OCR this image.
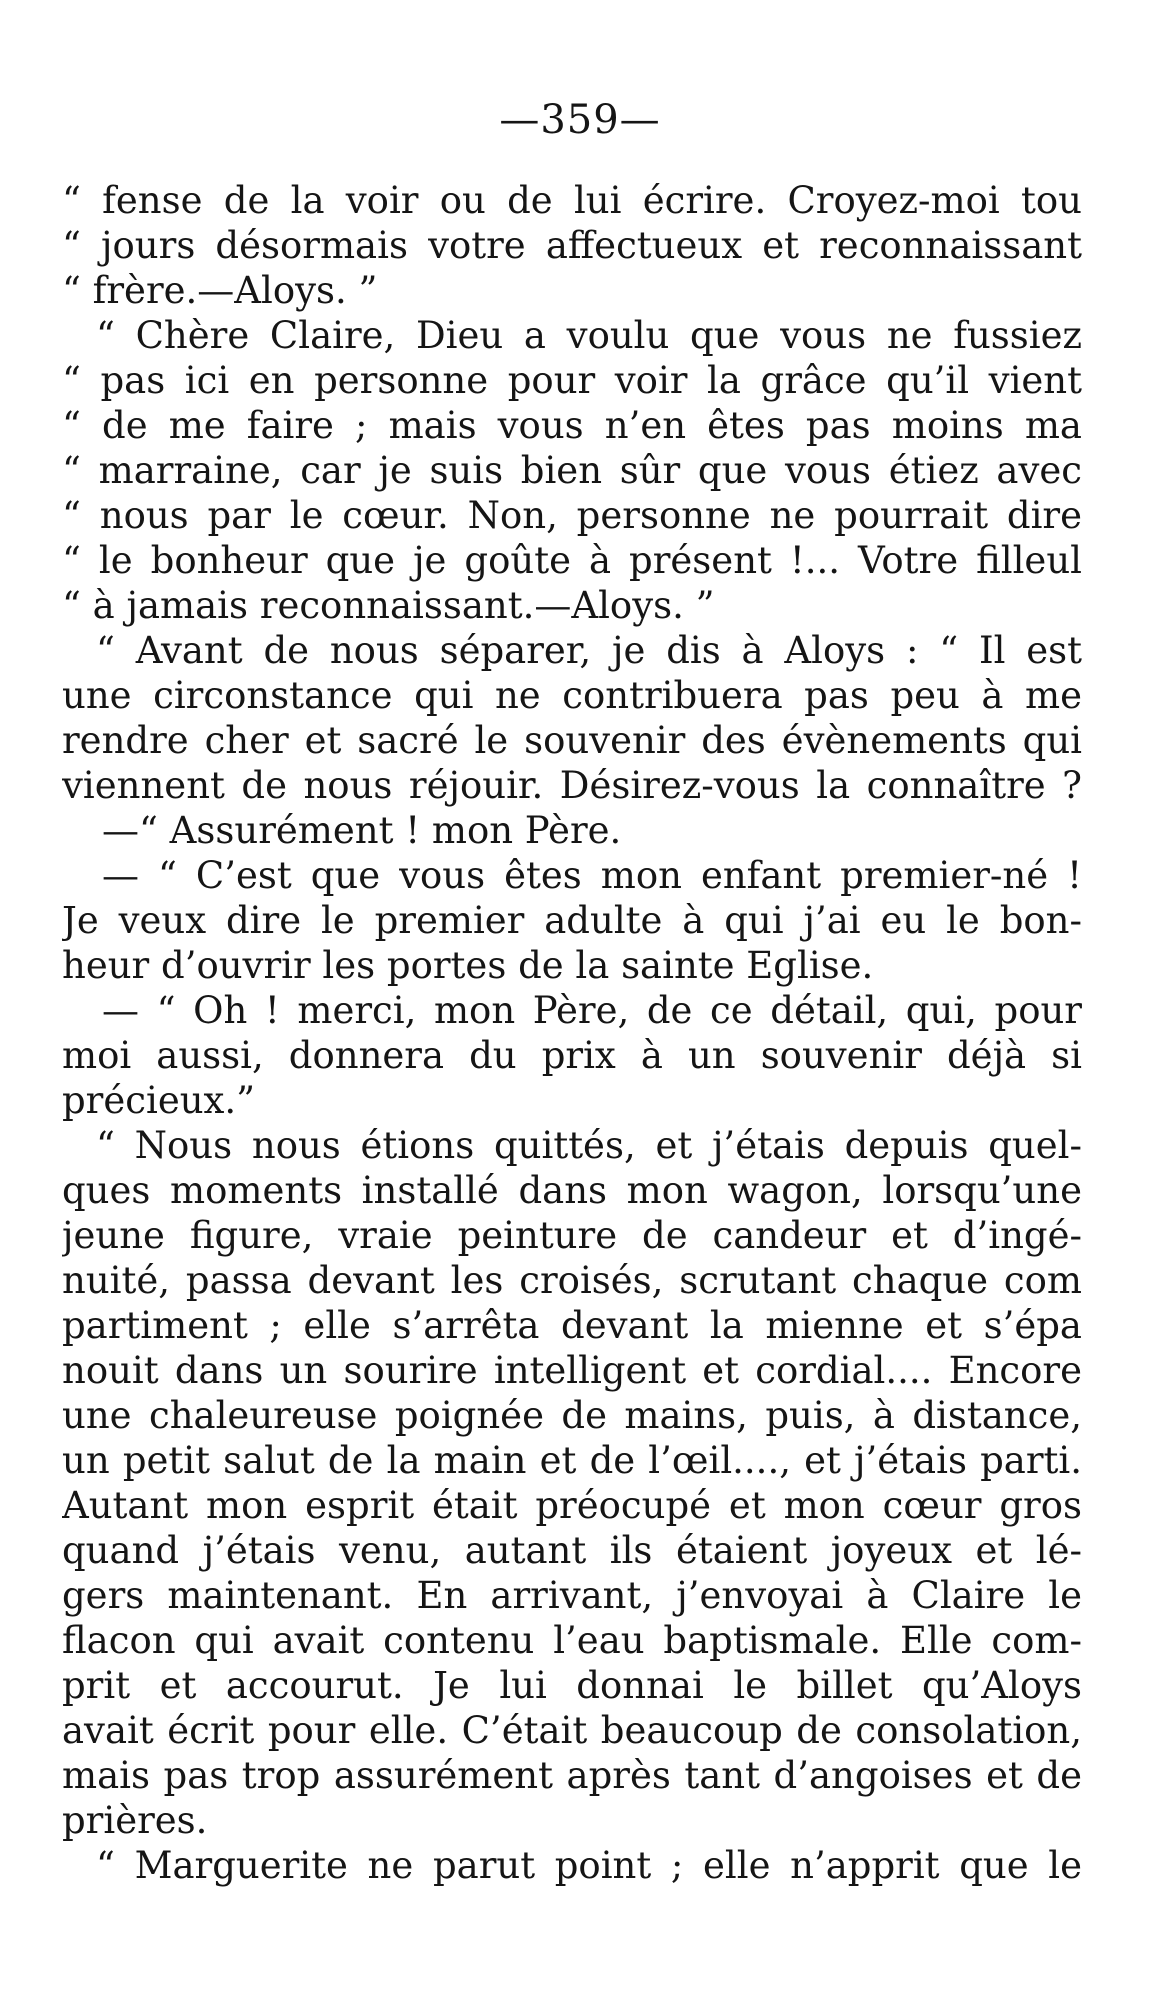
—359—
“ fense de la voir ou de lui écrire. Croyez-moi tou
“ jours désormais votre affectueux et reconnaissant
“ frère.—Aloys. ”
“ Chère Claire, Dieu a voulu que vous ne fussiez
“ pas ici en personne pour voir la grâce qu’il vient
“ de me faire ; mais vous n’en êtes pas moins ma
“ marraine, car je suis bien sûr que vous étiez avec
“ nous par le cœur. Non, personne ne pourrait dire
“ le bonheur que je goûte à présent !... Votre filleul
“ à jamais reconnaissant.—Aloys. ”
“ Avant de nous séparer, je dis à Aloys : “ Il est
une circonstance qui ne contribuera pas peu à me
rendre cher et sacré le souvenir des évènements qui
viennent de nous réjouir. Désirez-vous la connaître ?
—“ Assurément ! mon Père.
— “ C’est que vous êtes mon enfant premier-né !
Je veux dire le premier adulte à qui j’ai eu le bon-
heur d’ouvrir les portes de la sainte Eglise.
— “ Oh ! merci, mon Père, de ce détail, qui, pour
moi aussi, donnera du prix à un souvenir déjà si
précieux.”
“ Nous nous étions quittés, et j’étais depuis quel-
ques moments installé dans mon wagon, lorsqu’une
jeune figure, vraie peinture de candeur et d’ingé-
nuité, passa devant les croisés, scrutant chaque com
partiment ; elle s’arrêta devant la mienne et s’épa
nouit dans un sourire intelligent et cordial.... Encore
une chaleureuse poignée de mains, puis, à distance,
un petit salut de la main et de l’œil...., et j’étais parti.
Autant mon esprit était préocupé et mon cœur gros
quand j’étais venu, autant ils étaient joyeux et lé-
gers maintenant. En arrivant, j’envoyai à Claire le
flacon qui avait contenu l’eau baptismale. Elle com-
prit et accourut. Je lui donnai le billet qu’Aloys
avait écrit pour elle. C’était beaucoup de consolation,
mais pas trop assurément après tant d’angoises et de
prières.
“ Marguerite ne parut point ; elle n’apprit que le
